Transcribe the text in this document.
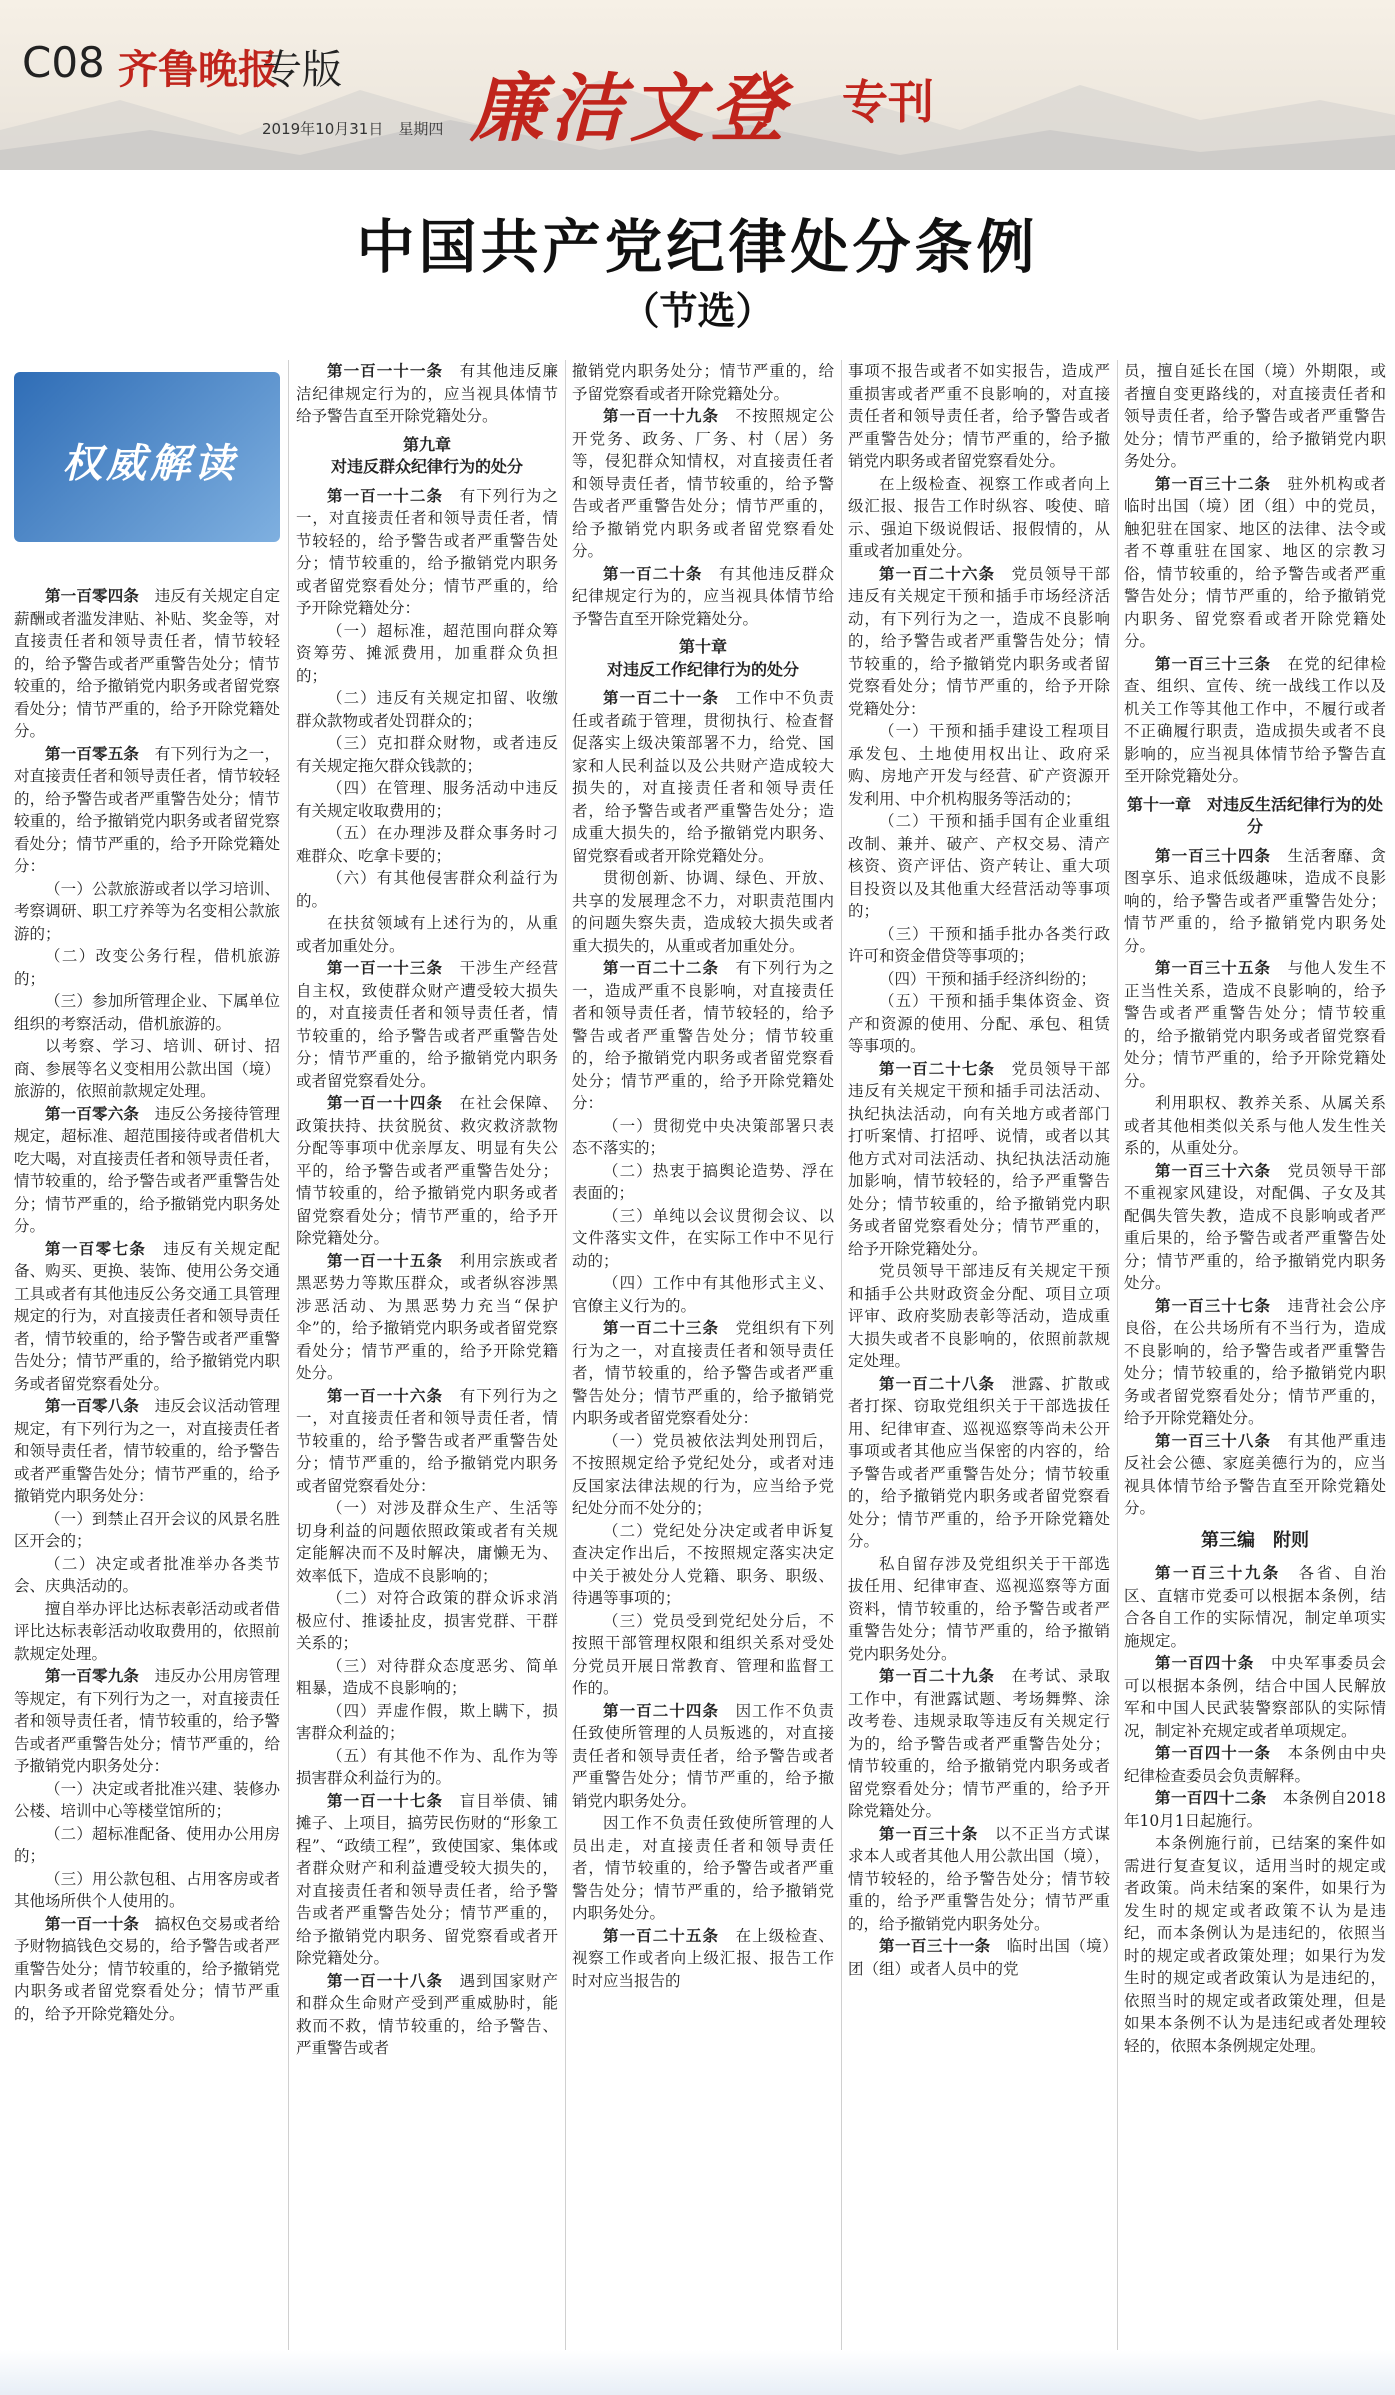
C08 齐鲁晚报
专版
2019年10月31日　星期四 廉洁文登 专刊
中国共产党纪律处分条例
（节选）
权威解读

第一百零四条　违反有关规定自定薪酬或者滥发津贴、补贴、奖金等，对直接责任者和领导责任者，情节较轻的，给予警告或者严重警告处分；情节较重的，给予撤销党内职务或者留党察看处分；情节严重的，给予开除党籍处分。

第一百零五条　有下列行为之一，对直接责任者和领导责任者，情节较轻的，给予警告或者严重警告处分；情节较重的，给予撤销党内职务或者留党察看处分；情节严重的，给予开除党籍处分：

（一）公款旅游或者以学习培训、考察调研、职工疗养等为名变相公款旅游的；

（二）改变公务行程，借机旅游的；

（三）参加所管理企业、下属单位组织的考察活动，借机旅游的。

以考察、学习、培训、研讨、招商、参展等名义变相用公款出国（境）旅游的，依照前款规定处理。

第一百零六条　违反公务接待管理规定，超标准、超范围接待或者借机大吃大喝，对直接责任者和领导责任者，情节较重的，给予警告或者严重警告处分；情节严重的，给予撤销党内职务处分。

第一百零七条　违反有关规定配备、购买、更换、装饰、使用公务交通工具或者有其他违反公务交通工具管理规定的行为，对直接责任者和领导责任者，情节较重的，给予警告或者严重警告处分；情节严重的，给予撤销党内职务或者留党察看处分。

第一百零八条　违反会议活动管理规定，有下列行为之一，对直接责任者和领导责任者，情节较重的，给予警告或者严重警告处分；情节严重的，给予撤销党内职务处分：

（一）到禁止召开会议的风景名胜区开会的；

（二）决定或者批准举办各类节会、庆典活动的。

擅自举办评比达标表彰活动或者借评比达标表彰活动收取费用的，依照前款规定处理。

第一百零九条　违反办公用房管理等规定，有下列行为之一，对直接责任者和领导责任者，情节较重的，给予警告或者严重警告处分；情节严重的，给予撤销党内职务处分：

（一）决定或者批准兴建、装修办公楼、培训中心等楼堂馆所的；

（二）超标准配备、使用办公用房的；

（三）用公款包租、占用客房或者其他场所供个人使用的。

第一百一十条　搞权色交易或者给予财物搞钱色交易的，给予警告或者严重警告处分；情节较重的，给予撤销党内职务或者留党察看处分；情节严重的，给予开除党籍处分。

第一百一十一条　有其他违反廉洁纪律规定行为的，应当视具体情节给予警告直至开除党籍处分。

第九章
对违反群众纪律行为的处分

第一百一十二条　有下列行为之一，对直接责任者和领导责任者，情节较轻的，给予警告或者严重警告处分；情节较重的，给予撤销党内职务或者留党察看处分；情节严重的，给予开除党籍处分：

（一）超标准，超范围向群众筹资筹劳、摊派费用，加重群众负担的；

（二）违反有关规定扣留、收缴群众款物或者处罚群众的；

（三）克扣群众财物，或者违反有关规定拖欠群众钱款的；

（四）在管理、服务活动中违反有关规定收取费用的；

（五）在办理涉及群众事务时刁难群众、吃拿卡要的；

（六）有其他侵害群众利益行为的。

在扶贫领域有上述行为的，从重或者加重处分。

第一百一十三条　干涉生产经营自主权，致使群众财产遭受较大损失的，对直接责任者和领导责任者，情节较重的，给予警告或者严重警告处分；情节严重的，给予撤销党内职务或者留党察看处分。

第一百一十四条　在社会保障、政策扶持、扶贫脱贫、救灾救济款物分配等事项中优亲厚友、明显有失公平的，给予警告或者严重警告处分；情节较重的，给予撤销党内职务或者留党察看处分；情节严重的，给予开除党籍处分。

第一百一十五条　利用宗族或者黑恶势力等欺压群众，或者纵容涉黑涉恶活动、为黑恶势力充当“保护伞”的，给予撤销党内职务或者留党察看处分；情节严重的，给予开除党籍处分。

第一百一十六条　有下列行为之一，对直接责任者和领导责任者，情节较重的，给予警告或者严重警告处分；情节严重的，给予撤销党内职务或者留党察看处分：

（一）对涉及群众生产、生活等切身利益的问题依照政策或者有关规定能解决而不及时解决，庸懒无为、效率低下，造成不良影响的；

（二）对符合政策的群众诉求消极应付、推诿扯皮，损害党群、干群关系的；

（三）对待群众态度恶劣、简单粗暴，造成不良影响的；

（四）弄虚作假，欺上瞒下，损害群众利益的；

（五）有其他不作为、乱作为等损害群众利益行为的。

第一百一十七条　盲目举债、铺摊子、上项目，搞劳民伤财的“形象工程”、“政绩工程”，致使国家、集体或者群众财产和利益遭受较大损失的，对直接责任者和领导责任者，给予警告或者严重警告处分；情节严重的，给予撤销党内职务、留党察看或者开除党籍处分。

第一百一十八条　遇到国家财产和群众生命财产受到严重威胁时，能救而不救，情节较重的，给予警告、严重警告或者

撤销党内职务处分；情节严重的，给予留党察看或者开除党籍处分。

第一百一十九条　不按照规定公开党务、政务、厂务、村（居）务等，侵犯群众知情权，对直接责任者和领导责任者，情节较重的，给予警告或者严重警告处分；情节严重的，给予撤销党内职务或者留党察看处分。

第一百二十条　有其他违反群众纪律规定行为的，应当视具体情节给予警告直至开除党籍处分。

第十章
对违反工作纪律行为的处分

第一百二十一条　工作中不负责任或者疏于管理，贯彻执行、检查督促落实上级决策部署不力，给党、国家和人民利益以及公共财产造成较大损失的，对直接责任者和领导责任者，给予警告或者严重警告处分；造成重大损失的，给予撤销党内职务、留党察看或者开除党籍处分。

贯彻创新、协调、绿色、开放、共享的发展理念不力，对职责范围内的问题失察失责，造成较大损失或者重大损失的，从重或者加重处分。

第一百二十二条　有下列行为之一，造成严重不良影响，对直接责任者和领导责任者，情节较轻的，给予警告或者严重警告处分；情节较重的，给予撤销党内职务或者留党察看处分；情节严重的，给予开除党籍处分：

（一）贯彻党中央决策部署只表态不落实的；

（二）热衷于搞舆论造势、浮在表面的；

（三）单纯以会议贯彻会议、以文件落实文件，在实际工作中不见行动的；

（四）工作中有其他形式主义、官僚主义行为的。

第一百二十三条　党组织有下列行为之一，对直接责任者和领导责任者，情节较重的，给予警告或者严重警告处分；情节严重的，给予撤销党内职务或者留党察看处分：

（一）党员被依法判处刑罚后，不按照规定给予党纪处分，或者对违反国家法律法规的行为，应当给予党纪处分而不处分的；

（二）党纪处分决定或者申诉复查决定作出后，不按照规定落实决定中关于被处分人党籍、职务、职级、待遇等事项的；

（三）党员受到党纪处分后，不按照干部管理权限和组织关系对受处分党员开展日常教育、管理和监督工作的。

第一百二十四条　因工作不负责任致使所管理的人员叛逃的，对直接责任者和领导责任者，给予警告或者严重警告处分；情节严重的，给予撤销党内职务处分。

因工作不负责任致使所管理的人员出走，对直接责任者和领导责任者，情节较重的，给予警告或者严重警告处分；情节严重的，给予撤销党内职务处分。

第一百二十五条　在上级检查、视察工作或者向上级汇报、报告工作时对应当报告的

事项不报告或者不如实报告，造成严重损害或者严重不良影响的，对直接责任者和领导责任者，给予警告或者严重警告处分；情节严重的，给予撤销党内职务或者留党察看处分。

在上级检查、视察工作或者向上级汇报、报告工作时纵容、唆使、暗示、强迫下级说假话、报假情的，从重或者加重处分。

第一百二十六条　党员领导干部违反有关规定干预和插手市场经济活动，有下列行为之一，造成不良影响的，给予警告或者严重警告处分；情节较重的，给予撤销党内职务或者留党察看处分；情节严重的，给予开除党籍处分：

（一）干预和插手建设工程项目承发包、土地使用权出让、政府采购、房地产开发与经营、矿产资源开发利用、中介机构服务等活动的；

（二）干预和插手国有企业重组改制、兼并、破产、产权交易、清产核资、资产评估、资产转让、重大项目投资以及其他重大经营活动等事项的；

（三）干预和插手批办各类行政许可和资金借贷等事项的；

（四）干预和插手经济纠纷的；

（五）干预和插手集体资金、资产和资源的使用、分配、承包、租赁等事项的。

第一百二十七条　党员领导干部违反有关规定干预和插手司法活动、执纪执法活动，向有关地方或者部门打听案情、打招呼、说情，或者以其他方式对司法活动、执纪执法活动施加影响，情节较轻的，给予严重警告处分；情节较重的，给予撤销党内职务或者留党察看处分；情节严重的，给予开除党籍处分。

党员领导干部违反有关规定干预和插手公共财政资金分配、项目立项评审、政府奖励表彰等活动，造成重大损失或者不良影响的，依照前款规定处理。

第一百二十八条　泄露、扩散或者打探、窃取党组织关于干部选拔任用、纪律审查、巡视巡察等尚未公开事项或者其他应当保密的内容的，给予警告或者严重警告处分；情节较重的，给予撤销党内职务或者留党察看处分；情节严重的，给予开除党籍处分。

私自留存涉及党组织关于干部选拔任用、纪律审查、巡视巡察等方面资料，情节较重的，给予警告或者严重警告处分；情节严重的，给予撤销党内职务处分。

第一百二十九条　在考试、录取工作中，有泄露试题、考场舞弊、涂改考卷、违规录取等违反有关规定行为的，给予警告或者严重警告处分；情节较重的，给予撤销党内职务或者留党察看处分；情节严重的，给予开除党籍处分。

第一百三十条　以不正当方式谋求本人或者其他人用公款出国（境），情节较轻的，给予警告处分；情节较重的，给予严重警告处分；情节严重的，给予撤销党内职务处分。

第一百三十一条　临时出国（境）团（组）或者人员中的党

员，擅自延长在国（境）外期限，或者擅自变更路线的，对直接责任者和领导责任者，给予警告或者严重警告处分；情节严重的，给予撤销党内职务处分。

第一百三十二条　驻外机构或者临时出国（境）团（组）中的党员，触犯驻在国家、地区的法律、法令或者不尊重驻在国家、地区的宗教习俗，情节较重的，给予警告或者严重警告处分；情节严重的，给予撤销党内职务、留党察看或者开除党籍处分。

第一百三十三条　在党的纪律检查、组织、宣传、统一战线工作以及机关工作等其他工作中，不履行或者不正确履行职责，造成损失或者不良影响的，应当视具体情节给予警告直至开除党籍处分。

第十一章　对违反生活纪律行为的处分

第一百三十四条　生活奢靡、贪图享乐、追求低级趣味，造成不良影响的，给予警告或者严重警告处分；情节严重的，给予撤销党内职务处分。

第一百三十五条　与他人发生不正当性关系，造成不良影响的，给予警告或者严重警告处分；情节较重的，给予撤销党内职务或者留党察看处分；情节严重的，给予开除党籍处分。

利用职权、教养关系、从属关系或者其他相类似关系与他人发生性关系的，从重处分。

第一百三十六条　党员领导干部不重视家风建设，对配偶、子女及其配偶失管失教，造成不良影响或者严重后果的，给予警告或者严重警告处分；情节严重的，给予撤销党内职务处分。

第一百三十七条　违背社会公序良俗，在公共场所有不当行为，造成不良影响的，给予警告或者严重警告处分；情节较重的，给予撤销党内职务或者留党察看处分；情节严重的，给予开除党籍处分。

第一百三十八条　有其他严重违反社会公德、家庭美德行为的，应当视具体情节给予警告直至开除党籍处分。

第三编　附则

第一百三十九条　各省、自治区、直辖市党委可以根据本条例，结合各自工作的实际情况，制定单项实施规定。

第一百四十条　中央军事委员会可以根据本条例，结合中国人民解放军和中国人民武装警察部队的实际情况，制定补充规定或者单项规定。

第一百四十一条　本条例由中央纪律检查委员会负责解释。

第一百四十二条　本条例自2018年10月1日起施行。

本条例施行前，已结案的案件如需进行复查复议，适用当时的规定或者政策。尚未结案的案件，如果行为发生时的规定或者政策不认为是违纪，而本条例认为是违纪的，依照当时的规定或者政策处理；如果行为发生时的规定或者政策认为是违纪的，依照当时的规定或者政策处理，但是如果本条例不认为是违纪或者处理较轻的，依照本条例规定处理。
